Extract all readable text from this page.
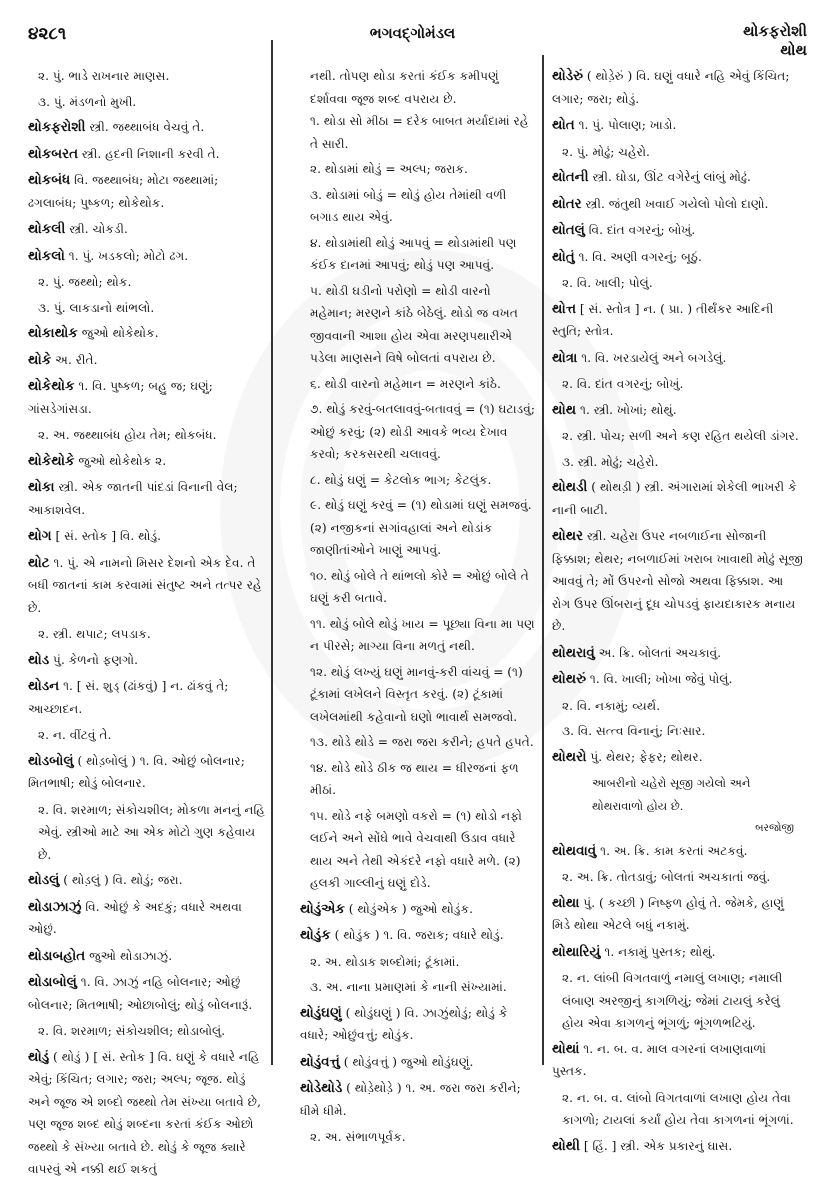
૪૨૮૧	ભગવદ્ગોમંડલ	થોકફરોશી
થોથ
૨. પું. ભાડે રાખનાર માણસ.
૩. પું. મંડળનો મુખી.
થોકફરોશી સ્ત્રી. જથ્થાબંધ વેચવું તે.
થોકબરત સ્ત્રી. હદની નિશાની કરવી તે.
થોકબંધ વિ. જથ્થાબંધ; મોટા જથ્થામાં; ઢગલાબંધ; પુષ્કળ; થોકેથોક.
થોકલી સ્ત્રી. ચોકડી.
થોકલો ૧. પું. ખડકલો; મોટો ઢગ.
૨. પું. જથ્થો; થોક.
૩. પું. લાકડાનો થાંભલો.
થોકાથોક જુઓ થોકેથોક.
થોકે અ. રીતે.
થોકેથોક ૧. વિ. પુષ્કળ; બહુ જ; ઘણું; ગાંસડેગાંસડા.
૨. અ. જથ્થાબંધ હોય તેમ; થોકબંધ.
થોકેથોકે જુઓ થોકેથોક ૨.
થોકા સ્ત્રી. એક જાતની પાંદડાં વિનાની વેલ; આકાશવેલ.
થોગ [ સં. સ્તોક ] વિ. થોડું.
થોટ ૧. પું. એ નામનો મિસર દેશનો એક દેવ. તે બધી જાતનાં કામ કરવામાં સંતુષ્ટ અને તત્પર રહે છે.
૨. સ્ત્રી. થપાટ; લપડાક.
થોડ પું. કેળનો ફણગો.
થોડન ૧. [ સં. શુડ્ (ઢાંકવું) ] ન. ઢાંકવું તે; આચ્છાદન.
૨. ન. વીંટવું તે.
થોડબોલું ( થોડ઼બોલું ) ૧. વિ. ઓછું બોલનાર; મિતભાષી; થોડું બોલનાર.
૨. વિ. શરમાળ; સંકોચશીલ; મોકળા મનનું નહિ એવું. સ્ત્રીઓ માટે આ એક મોટો ગુણ કહેવાય છે.
થોડલું ( થોડ઼લું ) વિ. થોડું; જરા.
થોડાઝાઝું વિ. ઓછું કે અદકું; વધારે અથવા ઓછું.
થોડાબહોત જુઓ થોડાઝાઝું.
થોડાબોલું ૧. વિ. ઝાઝું નહિ બોલનાર; ઓછું બોલનાર; મિતભાષી; ઓછાબોલું; થોડું બોલનારૂં.
૨. વિ. શરમાળ; સંકોચશીલ; થોડાબોલું.
થોડું ( થોડુ઼ં ) [ સં. સ્તોક ] વિ. ઘણું કે વધારે નહિ એવું; કિંચિત; લગાર; જરા; અલ્પ; જૂજ. થોડું અને જૂજ એ શબ્દો જથ્થો તેમ સંખ્યા બતાવે છે, પણ જૂજ શબ્દ થોડું શબ્દના કરતાં કંઈક ઓછો જથ્થો કે સંખ્યા બતાવે છે. થોડું કે જૂજ ક્યારે વાપરવું એ નક્કી થઈ શકતું
નથી. તોપણ થોડા કરતાં કંઈક કમીપણું દર્શાવવા જૂજ શબ્દ વપરાય છે.
૧. થોડા સો મીઠા = દરેક બાબત મર્યાદામાં રહે તે સારી.
૨. થોડામાં થોડું = અલ્પ; જરાક.
૩. થોડામાં બોડું = થોડું હોય તેમાંથી વળી બગાડ થાય એવું.
૪. થોડામાંથી થોડું આપવું = થોડામાંથી પણ કંઈક દાનમાં આપવું; થોડું પણ આપવું.
૫. થોડી ઘડીનો પરોણો = થોડી વારનો મહેમાન; મરણને કાંઠે બેઠેલું. થોડો જ વખત જીવવાની આશા હોય એવા મરણપથારીએ પડેલા માણસને વિષે બોલતાં વપરાય છે.
૬. થોડી વારનો મહેમાન = મરણને કાંઠે.
૭. થોડું કરવું-બતલાવવું-બતાવવું = (૧) ઘટાડવું; ઓછું કરવું; (૨) થોડી આવકે ભવ્ય દેખાવ કરવો; કરકસરથી ચલાવવું.
૮. થોડું ઘણું = કેટલોક ભાગ; કેટલુંક.
૯. થોડું ઘણું કરવું = (૧) થોડામાં ઘણું સમજવું. (૨) નજીકનાં સગાંવહાલાં અને થોડાંક જાણીતાંઓને ખાણું આપવું.
૧૦. થોડું બોલે તે થાંભલો કોરે = ઓછું બોલે તે ઘણું કરી બતાવે.
૧૧. થોડું બોલે થોડું ખાય = પૂછ્યા વિના મા પણ ન પીરસે; માગ્યા વિના મળતું નથી.
૧૨. થોડું લખ્યું ઘણું માનવું-કરી વાંચવું = (૧) ટૂંકામાં લખેલને વિસ્તૃત કરવું. (૨) ટૂંકામાં લખેલમાંથી કહેવાનો ઘણો ભાવાર્થ સમજવો.
૧૩. થોડે થોડે = જરા જરા કરીને; હપતે હપતે.
૧૪. થોડે થોડે ઠીક જ થાય = ધીરજનાં ફળ મીઠાં.
૧૫. થોડે નફે બમણો વકરો = (૧) થોડો નફો લઈને અને સોંઘે ભાવે વેચવાથી ઉડાવ વધારે થાય અને તેથી એકંદરે નફો વધારે મળે. (૨) હલકી ગાલ્લીનું ઘણું દોડે.
થોડુંએક ( થોડુંએક ) જુઓ થોડુંક.
થોડુંક ( થોડુ઼ંક ) ૧. વિ. જરાક; વધારે થોડું.
૨. અ. થોડાક શબ્દોમાં; ટૂંકામાં.
૩. અ. નાના પ્રમાણમાં કે નાની સંખ્યામાં.
થોડુંઘણું ( થોડુંઘણું ) વિ. ઝાઝુંથોડું; થોડું કે વધારે; ઓછુંવત્તું; થોડુંક.
થોડુંવત્તું ( થોડુંવત્તું ) જુઓ થોડુંઘણું.
થોડેથોડે ( થોડ઼ેથોડ઼ે ) ૧. અ. જરા જરા કરીને; ધીમે ધીમે.
૨. અ. સંભાળપૂર્વક.
થોડેરું ( થોડ઼ેરું ) વિ. ઘણું વધારે નહિ એવું કિંચિત; લગાર; જરા; થોડું.
થોત ૧. પું. પોલાણ; ખાડો.
૨. પું. મોઢું; ચહેરો.
થોતની સ્ત્રી. ઘોડા, ઊંટ વગેરેનું લાંબું મોઢું.
થોતર સ્ત્રી. જંતુથી ખવાઈ ગયેલો પોલો દાણો.
થોતલું વિ. દાંત વગરનું; બોખું.
થોતું ૧. વિ. અણી વગરનું; બૂઠું.
૨. વિ. ખાલી; પોલું.
થોત્ત [ સં. સ્તોત્ર ] ન. ( પ્રા. ) તીર્થંકર આદિની સ્તુતિ; સ્તોત્ર.
થોત્રા ૧. વિ. ખરડાયેલું અને બગડેલું.
૨. વિ. દાંત વગરનું; બોખું.
થોથ ૧. સ્ત્રી. ખોખાં; થોથું.
૨. સ્ત્રી. પોચ; સળી અને કણ રહિત થયેલી ડાંગર.
૩. સ્ત્રી. મોઢું; ચહેરો.
થોથડી ( થોથડ઼ી ) સ્ત્રી. અંગારામાં શેકેલી ભાખરી કે નાની બાટી.
થોથર સ્ત્રી. ચહેરા ઉપર નબળાઈના સોજાની ફિક્કાશ; થેથર; નબળાઈમાં ખરાબ ખાવાથી મોઢું સૂજી આવવું તે; મોં ઉપરનો સોજો અથવા ફિક્કાશ. આ રોગ ઉપર ઊંબરાનું દૂધ ચોપડવું ફાયદાકારક મનાય છે.
થોથરાવું અ. ક્રિ. બોલતાં અચકાવું.
થોથરું ૧. વિ. ખાલી; ખોખા જેવું પોલું.
૨. વિ. નકામું; વ્યર્થ.
૩. વિ. સત્ત્વ વિનાનું; નિઃસાર.
થોથરો પું. થેથર; ફેફર; થોથર.
આબરીનો ચહેરો સૂજી ગયેલો અને થોથરાવાળો હોય છે.
બરજોજી
થોથવાવું ૧. અ. ક્રિ. કામ કરતાં અટકવું.
૨. અ. ક્રિ. તોતડાવું; બોલતાં અચકાતાં જવું.
થોથા પું. ( કચ્છી ) નિષ્ફળ હોવું તે. જેમકે, હાણું મિડે થોથા એટલે બધું નકામું.
થોથારિયું ૧. નકામું પુસ્તક; થોથું.
૨. ન. લાંબી વિગતવાળું નમાલું લખાણ; નમાલી લંબાણ અરજીનું કાગળિયું; જેમાં ટાયલું કરેલું હોય એવા કાગળનું ભૂંગળું; ભૂંગળભટિયું.
થોથાં ૧. ન. બ. વ. માલ વગરનાં લખાણવાળાં પુસ્તક.
૨. ન. બ. વ. લાંબો વિગતવાળાં લખાણ હોય તેવા કાગળો; ટાયલાં કર્યાં હોય તેવા કાગળનાં ભૂંગળાં.
થોથી [ હિં. ] સ્ત્રી. એક પ્રકારનું ઘાસ.
